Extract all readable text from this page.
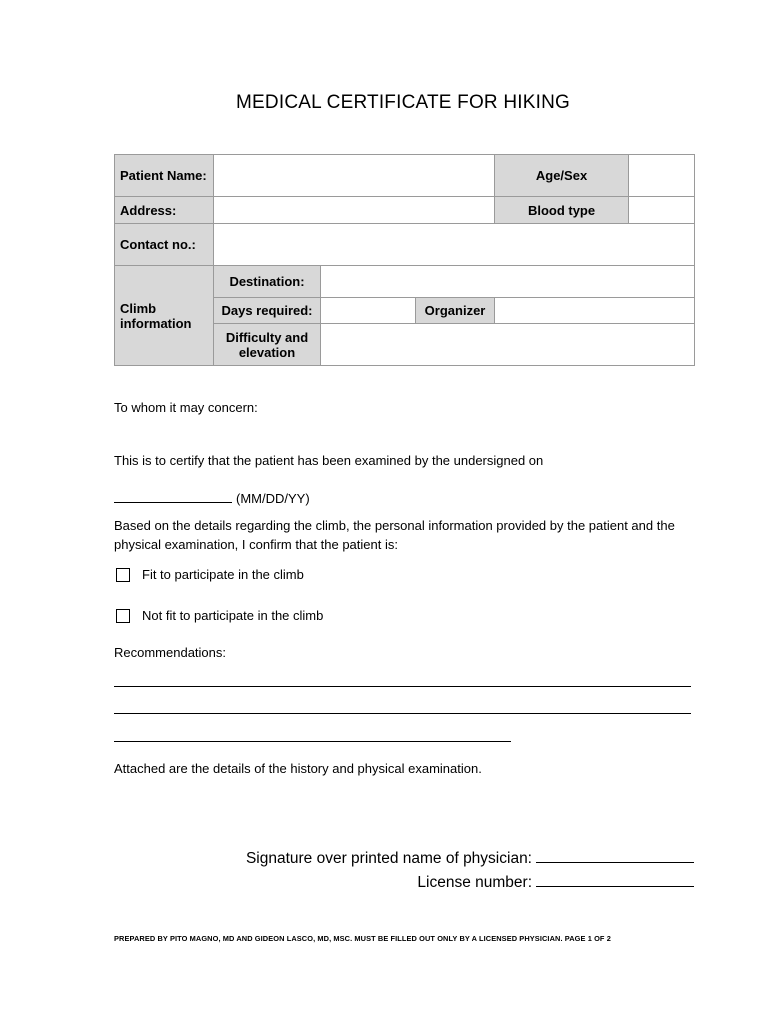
MEDICAL CERTIFICATE FOR HIKING
Patient Name:				Age/Sex	
Address:				Blood type	
Contact no.:					
Climb information	Destination:				
	Days required:		Organizer		
	Difficulty and elevation				
To whom it may concern:
This is to certify that the patient has been examined by the undersigned on
(MM/DD/YY)
Based on the details regarding the climb, the personal information provided by the patient and the physical examination, I confirm that the patient is:
Fit to participate in the climb
Not fit to participate in the climb
Recommendations:
Attached are the details of the history and physical examination.
Signature over printed name of physician:
License number:
PREPARED BY PITO MAGNO, MD AND GIDEON LASCO, MD, MSC. MUST BE FILLED OUT ONLY BY A LICENSED PHYSICIAN. PAGE 1 OF 2
